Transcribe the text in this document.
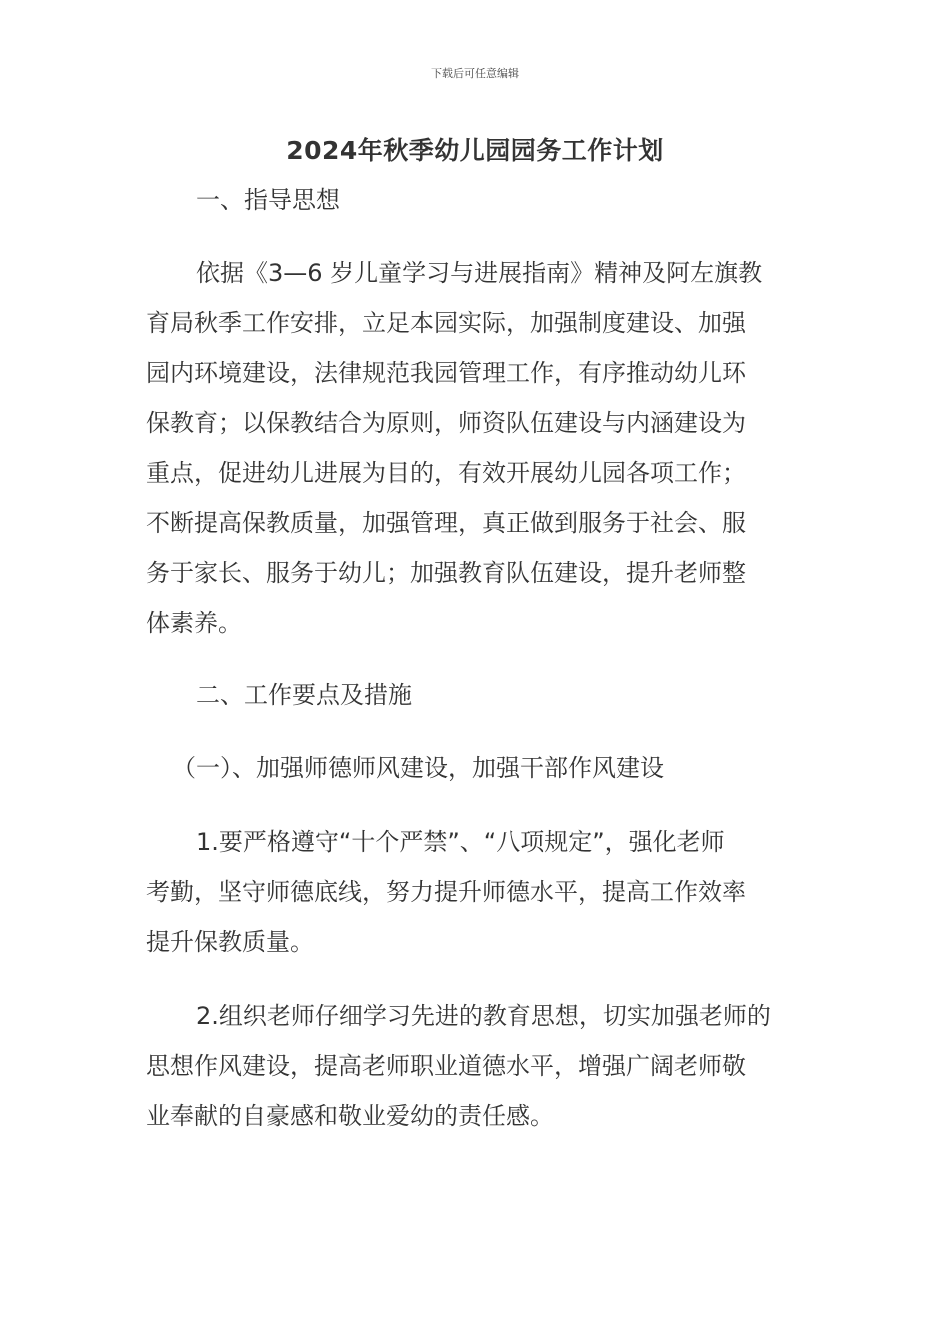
下载后可任意编辑
2024年秋季幼儿园园务工作计划
一、指导思想
依据《3—6 岁儿童学习与进展指南》精神及阿左旗教
育局秋季工作安排，立足本园实际，加强制度建设、加强
园内环境建设，法律规范我园管理工作，有序推动幼儿环
保教育；以保教结合为原则，师资队伍建设与内涵建设为
重点，促进幼儿进展为目的，有效开展幼儿园各项工作；
不断提高保教质量，加强管理，真正做到服务于社会、服
务于家长、服务于幼儿；加强教育队伍建设，提升老师整
体素养。
二、工作要点及措施
（一）、加强师德师风建设，加强干部作风建设
1.要严格遵守“十个严禁”、“八项规定”，强化老师
考勤，坚守师德底线，努力提升师德水平，提高工作效率
提升保教质量。
2.组织老师仔细学习先进的教育思想，切实加强老师的
思想作风建设，提高老师职业道德水平，增强广阔老师敬
业奉献的自豪感和敬业爱幼的责任感。
